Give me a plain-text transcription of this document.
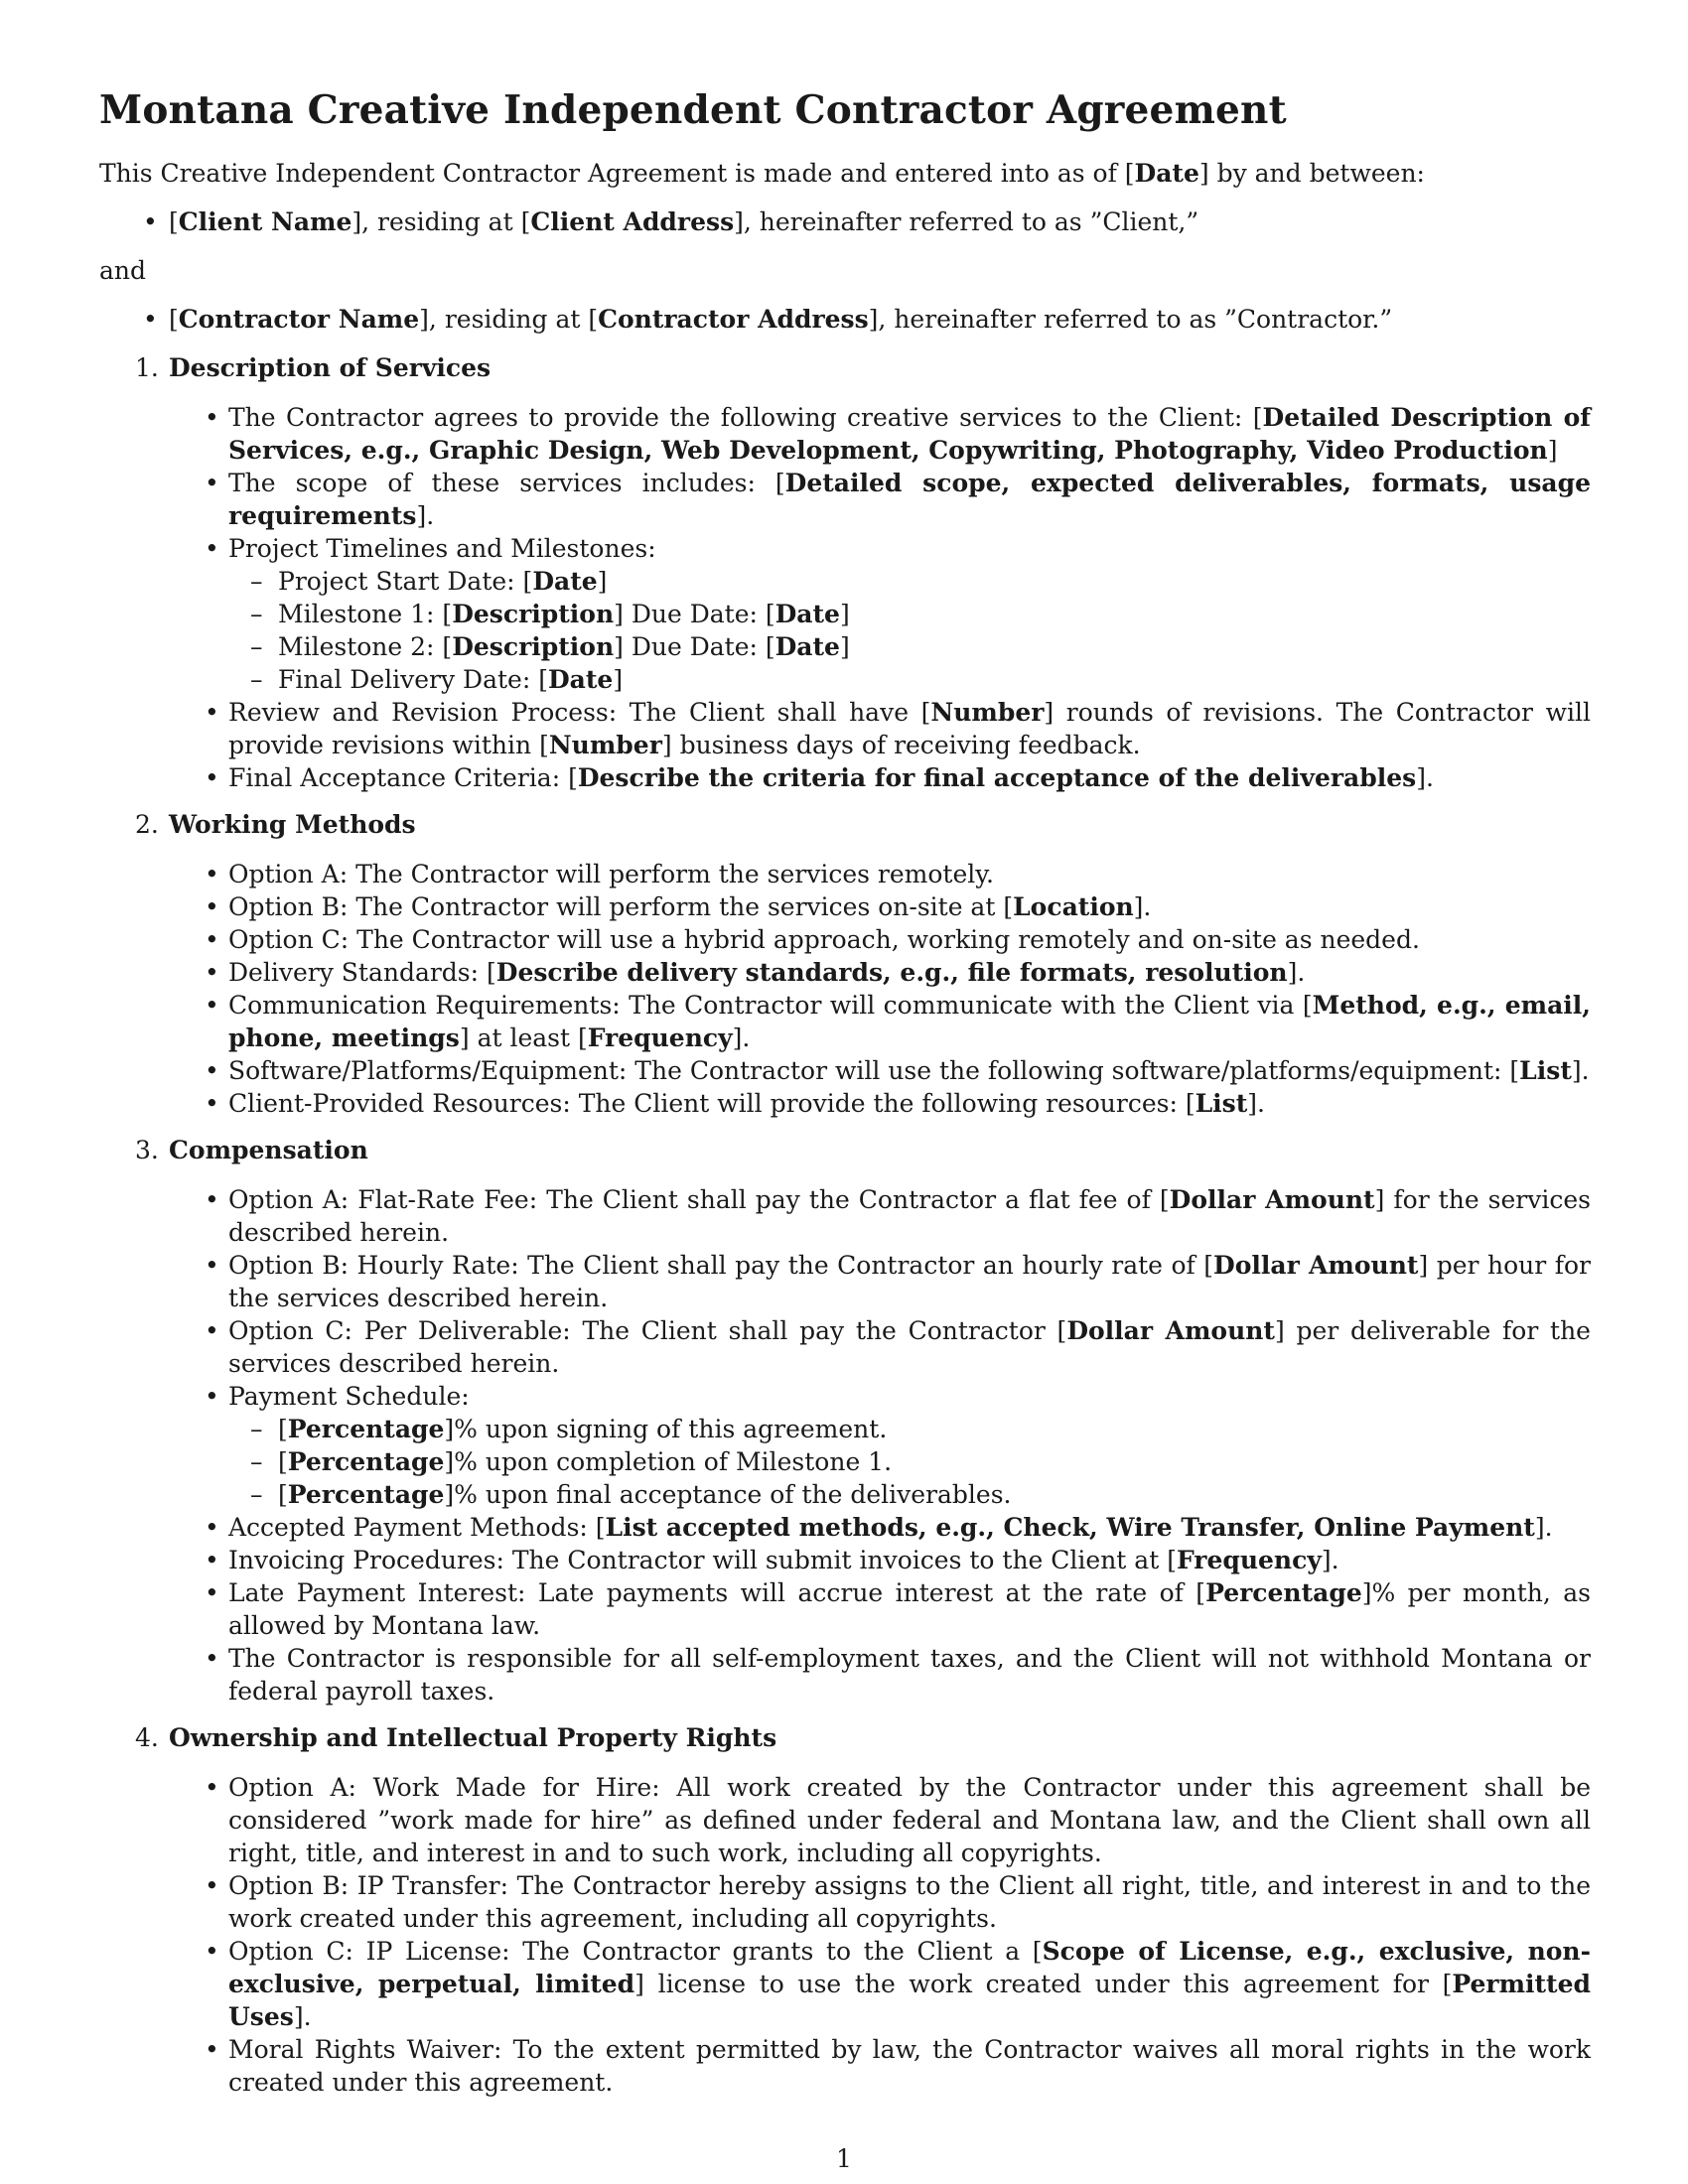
Montana Creative Independent Contractor Agreement

This Creative Independent Contractor Agreement is made and entered into as of [Date] by and between:

• [Client Name], residing at [Client Address], hereinafter referred to as ”Client,”

and

• [Contractor Name], residing at [Contractor Address], hereinafter referred to as ”Contractor.”
1. Description of Services
• The Contractor agrees to provide the following creative services to the Client: [Detailed Description of Services, e.g., Graphic Design, Web Development, Copywriting, Photography, Video Production]
• The scope of these services includes: [Detailed scope, expected deliverables, formats, usage requirements].
• Project Timelines and Milestones:
– Project Start Date: [Date]
– Milestone 1: [Description] Due Date: [Date]
– Milestone 2: [Description] Due Date: [Date]
– Final Delivery Date: [Date]
• Review and Revision Process: The Client shall have [Number] rounds of revisions. The Contractor will provide revisions within [Number] business days of receiving feedback.
• Final Acceptance Criteria: [Describe the criteria for final acceptance of the deliverables].
2. Working Methods
• Option A: The Contractor will perform the services remotely.
• Option B: The Contractor will perform the services on-site at [Location].
• Option C: The Contractor will use a hybrid approach, working remotely and on-site as needed.
• Delivery Standards: [Describe delivery standards, e.g., file formats, resolution].
• Communication Requirements: The Contractor will communicate with the Client via [Method, e.g., email, phone, meetings] at least [Frequency].
• Software/Platforms/Equipment: The Contractor will use the following software/platforms/equipment: [List].
• Client-Provided Resources: The Client will provide the following resources: [List].
3. Compensation
• Option A: Flat-Rate Fee: The Client shall pay the Contractor a flat fee of [Dollar Amount] for the services described herein.
• Option B: Hourly Rate: The Client shall pay the Contractor an hourly rate of [Dollar Amount] per hour for the services described herein.
• Option C: Per Deliverable: The Client shall pay the Contractor [Dollar Amount] per deliverable for the services described herein.
• Payment Schedule:
– [Percentage]% upon signing of this agreement.
– [Percentage]% upon completion of Milestone 1.
– [Percentage]% upon final acceptance of the deliverables.
• Accepted Payment Methods: [List accepted methods, e.g., Check, Wire Transfer, Online Payment].
• Invoicing Procedures: The Contractor will submit invoices to the Client at [Frequency].
• Late Payment Interest: Late payments will accrue interest at the rate of [Percentage]% per month, as allowed by Montana law.
• The Contractor is responsible for all self-employment taxes, and the Client will not withhold Montana or federal payroll taxes.
4. Ownership and Intellectual Property Rights
• Option A: Work Made for Hire: All work created by the Contractor under this agreement shall be considered ”work made for hire” as defined under federal and Montana law, and the Client shall own all right, title, and interest in and to such work, including all copyrights.
• Option B: IP Transfer: The Contractor hereby assigns to the Client all right, title, and interest in and to the work created under this agreement, including all copyrights.
• Option C: IP License: The Contractor grants to the Client a [Scope of License, e.g., exclusive, non-exclusive, perpetual, limited] license to use the work created under this agreement for [Permitted Uses].
• Moral Rights Waiver: To the extent permitted by law, the Contractor waives all moral rights in the work created under this agreement.
1
